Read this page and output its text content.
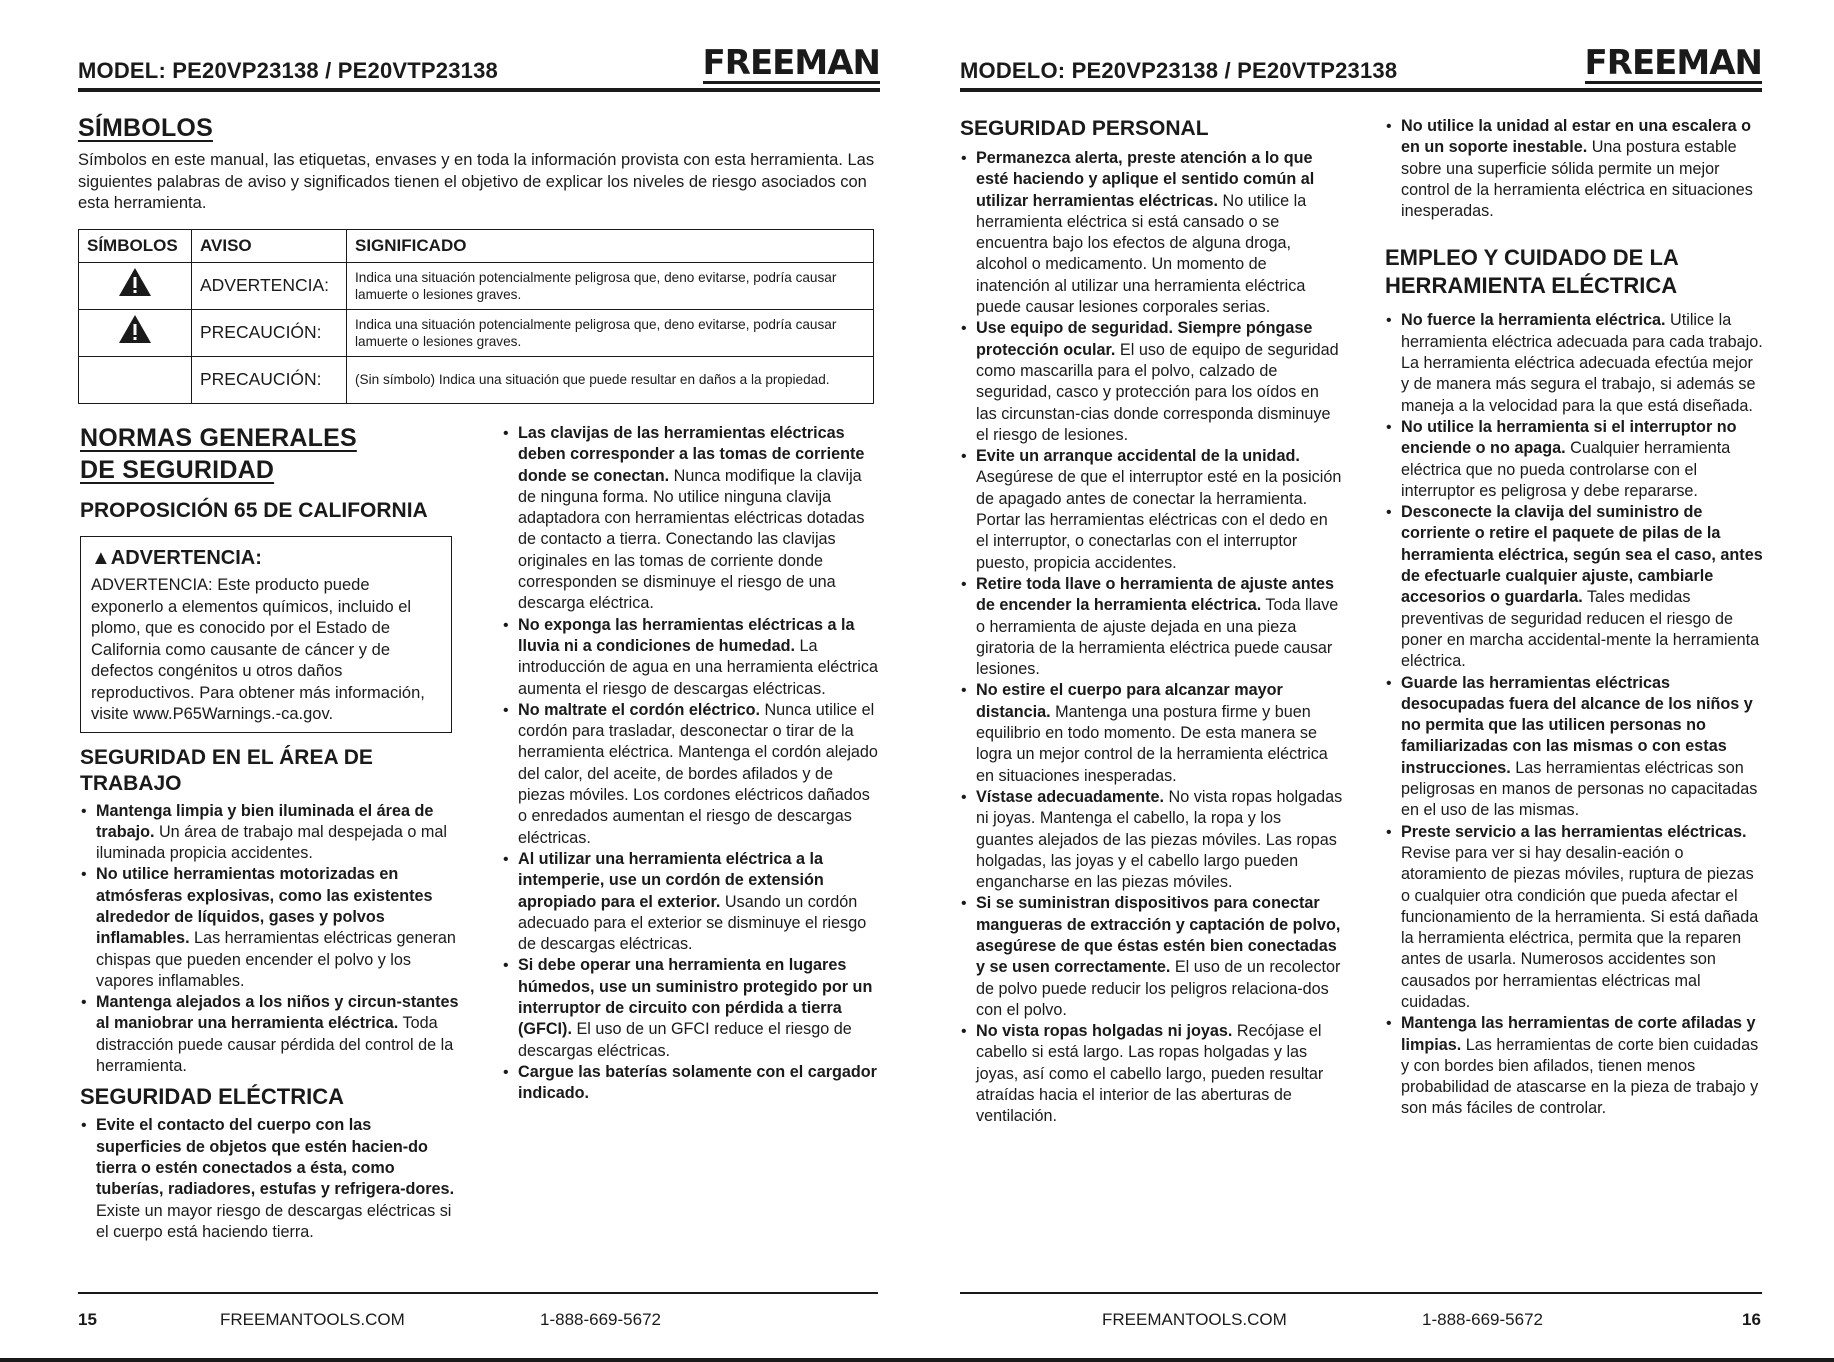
MODEL: PE20VP23138 / PE20VTP23138	FREEMAN
SÍMBOLOS

Símbolos en este manual, las etiquetas, envases y en toda la información provista con esta herramienta. Las siguientes palabras de aviso y significados tienen el objetivo de explicar los niveles de riesgo asociados con esta herramienta.

SÍMBOLOS	AVISO	SIGNIFICADO
	ADVERTENCIA:	Indica una situación potencialmente peligrosa que, deno evitarse, podría causar lamuerte o lesiones graves.
	PRECAUCIÓN:	Indica una situación potencialmente peligrosa que, deno evitarse, podría causar lamuerte o lesiones graves.
	PRECAUCIÓN:	(Sin símbolo) Indica una situación que puede resultar en daños a la propiedad.
NORMAS GENERALES
DE SEGURIDAD
PROPOSICIÓN 65 DE CALIFORNIA
▲ADVERTENCIA:

ADVERTENCIA: Este producto puede exponerlo a elementos químicos, incluido el plomo, que es conocido por el Estado de California como causante de cáncer y de defectos congénitos u otros daños reproductivos. Para obtener más información, visite www.P65Warnings.-ca.gov.

SEGURIDAD EN EL ÁREA DE TRABAJO
• Mantenga limpia y bien iluminada el área de trabajo. Un área de trabajo mal despejada o mal iluminada propicia accidentes.
• No utilice herramientas motorizadas en atmósferas explosivas, como las existentes alrededor de líquidos, gases y polvos inflamables. Las herramientas eléctricas generan chispas que pueden encender el polvo y los vapores inflamables.
• Mantenga alejados a los niños y circun-stantes al maniobrar una herramienta eléctrica. Toda distracción puede causar pérdida del control de la herramienta.
SEGURIDAD ELÉCTRICA
• Evite el contacto del cuerpo con las superficies de objetos que estén hacien-do tierra o estén conectados a ésta, como tuberías, radiadores, estufas y refrigera-dores. Existe un mayor riesgo de descargas eléctricas si el cuerpo está haciendo tierra.
• Las clavijas de las herramientas eléctricas deben corresponder a las tomas de corriente donde se conectan. Nunca modifique la clavija de ninguna forma. No utilice ninguna clavija adaptadora con herramientas eléctricas dotadas de contacto a tierra. Conectando las clavijas originales en las tomas de corriente donde corresponden se disminuye el riesgo de una descarga eléctrica.
• No exponga las herramientas eléctricas a la lluvia ni a condiciones de humedad. La introducción de agua en una herramienta eléctrica aumenta el riesgo de descargas eléctricas.
• No maltrate el cordón eléctrico. Nunca utilice el cordón para trasladar, desconectar o tirar de la herramienta eléctrica. Mantenga el cordón alejado del calor, del aceite, de bordes afilados y de piezas móviles. Los cordones eléctricos dañados o enredados aumentan el riesgo de descargas eléctricas.
• Al utilizar una herramienta eléctrica a la intemperie, use un cordón de extensión apropiado para el exterior. Usando un cordón adecuado para el exterior se disminuye el riesgo de descargas eléctricas.
• Si debe operar una herramienta en lugares húmedos, use un suministro protegido por un interruptor de circuito con pérdida a tierra (GFCI). El uso de un GFCI reduce el riesgo de descargas eléctricas.
• Cargue las baterías solamente con el cargador indicado.
15	FREEMANTOOLS.COM	1-888-669-5672
MODELO: PE20VP23138 / PE20VTP23138	FREEMAN
SEGURIDAD PERSONAL
• Permanezca alerta, preste atención a lo que esté haciendo y aplique el sentido común al utilizar herramientas eléctricas. No utilice la herramienta eléctrica si está cansado o se encuentra bajo los efectos de alguna droga, alcohol o medicamento. Un momento de inatención al utilizar una herramienta eléctrica puede causar lesiones corporales serias.
• Use equipo de seguridad. Siempre póngase protección ocular. El uso de equipo de seguridad como mascarilla para el polvo, calzado de seguridad, casco y protección para los oídos en las circunstan-cias donde corresponda disminuye el riesgo de lesiones.
• Evite un arranque accidental de la unidad. Asegúrese de que el interruptor esté en la posición de apagado antes de conectar la herramienta. Portar las herramientas eléctricas con el dedo en el interruptor, o conectarlas con el interruptor puesto, propicia accidentes.
• Retire toda llave o herramienta de ajuste antes de encender la herramienta eléctrica. Toda llave o herramienta de ajuste dejada en una pieza giratoria de la herramienta eléctrica puede causar lesiones.
• No estire el cuerpo para alcanzar mayor distancia. Mantenga una postura firme y buen equilibrio en todo momento. De esta manera se logra un mejor control de la herramienta eléctrica en situaciones inesperadas.
• Vístase adecuadamente. No vista ropas holgadas ni joyas. Mantenga el cabello, la ropa y los guantes alejados de las piezas móviles. Las ropas holgadas, las joyas y el cabello largo pueden engancharse en las piezas móviles.
• Si se suministran dispositivos para conectar mangueras de extracción y captación de polvo, asegúrese de que éstas estén bien conectadas y se usen correctamente. El uso de un recolector de polvo puede reducir los peligros relaciona-dos con el polvo.
• No vista ropas holgadas ni joyas. Recójase el cabello si está largo. Las ropas holgadas y las joyas, así como el cabello largo, pueden resultar atraídas hacia el interior de las aberturas de ventilación.
• No utilice la unidad al estar en una escalera o en un soporte inestable. Una postura estable sobre una superficie sólida permite un mejor control de la herramienta eléctrica en situaciones inesperadas.
EMPLEO Y CUIDADO DE LA
HERRAMIENTA ELÉCTRICA
• No fuerce la herramienta eléctrica. Utilice la herramienta eléctrica adecuada para cada trabajo. La herramienta eléctrica adecuada efectúa mejor y de manera más segura el trabajo, si además se maneja a la velocidad para la que está diseñada.
• No utilice la herramienta si el interruptor no enciende o no apaga. Cualquier herramienta eléctrica que no pueda controlarse con el interruptor es peligrosa y debe repararse.
• Desconecte la clavija del suministro de corriente o retire el paquete de pilas de la herramienta eléctrica, según sea el caso, antes de efectuarle cualquier ajuste, cambiarle accesorios o guardarla. Tales medidas preventivas de seguridad reducen el riesgo de poner en marcha accidental-mente la herramienta eléctrica.
• Guarde las herramientas eléctricas desocupadas fuera del alcance de los niños y no permita que las utilicen personas no familiarizadas con las mismas o con estas instrucciones. Las herramientas eléctricas son peligrosas en manos de personas no capacitadas en el uso de las mismas.
• Preste servicio a las herramientas eléctricas. Revise para ver si hay desalin-eación o atoramiento de piezas móviles, ruptura de piezas o cualquier otra condición que pueda afectar el funcionamiento de la herramienta. Si está dañada la herramienta eléctrica, permita que la reparen antes de usarla. Numerosos accidentes son causados por herramientas eléctricas mal cuidadas.
• Mantenga las herramientas de corte afiladas y limpias. Las herramientas de corte bien cuidadas y con bordes bien afilados, tienen menos probabilidad de atascarse en la pieza de trabajo y son más fáciles de controlar.
FREEMANTOOLS.COM	1-888-669-5672	16
